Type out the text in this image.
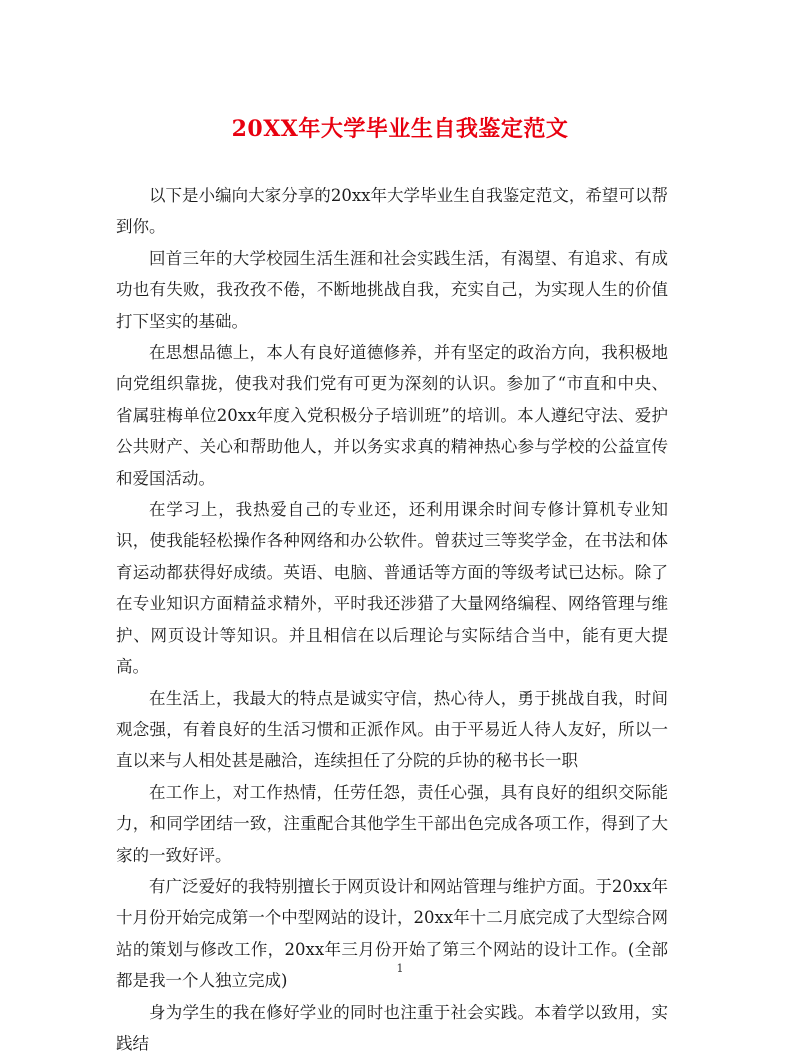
20XX年大学毕业生自我鉴定范文

以下是小编向大家分享的20xx年大学毕业生自我鉴定范文，希望可以帮到你。

回首三年的大学校园生活生涯和社会实践生活，有渴望、有追求、有成功也有失败，我孜孜不倦，不断地挑战自我，充实自己，为实现人生的价值打下坚实的基础。

在思想品德上，本人有良好道德修养，并有坚定的政治方向，我积极地向党组织靠拢，使我对我们党有可更为深刻的认识。参加了“市直和中央、省属驻梅单位20xx年度入党积极分子培训班”的培训。本人遵纪守法、爱护公共财产、关心和帮助他人，并以务实求真的精神热心参与学校的公益宣传和爱国活动。

在学习上，我热爱自己的专业还，还利用课余时间专修计算机专业知识，使我能轻松操作各种网络和办公软件。曾获过三等奖学金，在书法和体育运动都获得好成绩。英语、电脑、普通话等方面的等级考试已达标。除了在专业知识方面精益求精外，平时我还涉猎了大量网络编程、网络管理与维护、网页设计等知识。并且相信在以后理论与实际结合当中，能有更大提高。

在生活上，我最大的特点是诚实守信，热心待人，勇于挑战自我，时间观念强，有着良好的生活习惯和正派作风。由于平易近人待人友好，所以一直以来与人相处甚是融洽，连续担任了分院的乒协的秘书长一职

在工作上，对工作热情，任劳任怨，责任心强，具有良好的组织交际能力，和同学团结一致，注重配合其他学生干部出色完成各项工作，得到了大家的一致好评。

有广泛爱好的我特别擅长于网页设计和网站管理与维护方面。于20xx年十月份开始完成第一个中型网站的设计，20xx年十二月底完成了大型综合网站的策划与修改工作，20xx年三月份开始了第三个网站的设计工作。(全部都是我一个人独立完成)

身为学生的我在修好学业的同时也注重于社会实践。本着学以致用，实践结

1
